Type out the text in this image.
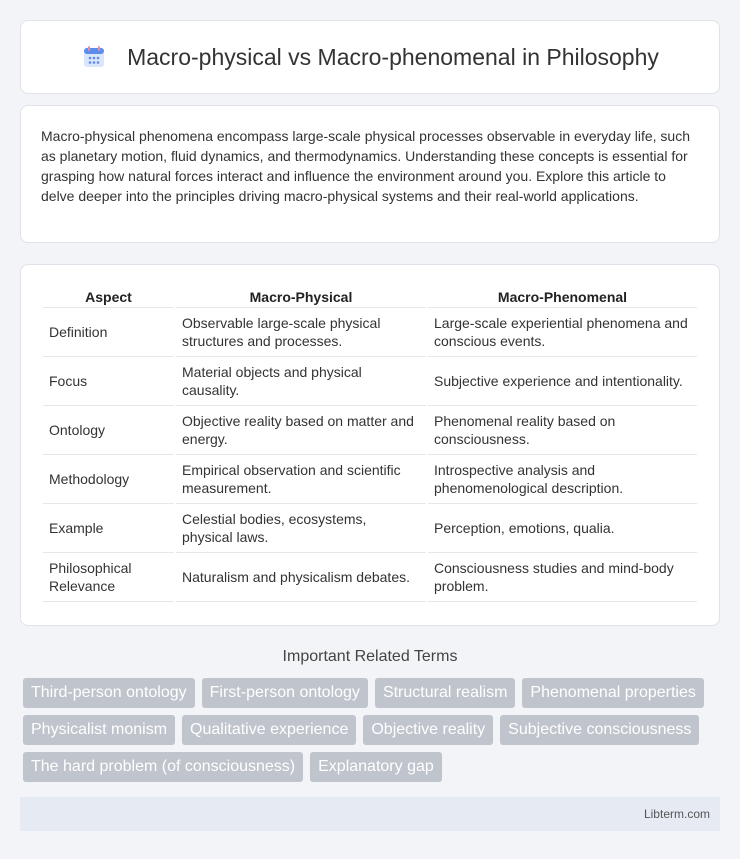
Macro-physical vs Macro-phenomenal in Philosophy

Macro-physical phenomena encompass large-scale physical processes observable in everyday life, such as planetary motion, fluid dynamics, and thermodynamics. Understanding these concepts is essential for grasping how natural forces interact and influence the environment around you. Explore this article to delve deeper into the principles driving macro-physical systems and their real-world applications.

Aspect	Macro-Physical	Macro-Phenomenal
Definition	Observable large-scale physical structures and processes.	Large-scale experiential phenomena and conscious events.
Focus	Material objects and physical causality.	Subjective experience and intentionality.
Ontology	Objective reality based on matter and energy.	Phenomenal reality based on consciousness.
Methodology	Empirical observation and scientific measurement.	Introspective analysis and phenomenological description.
Example	Celestial bodies, ecosystems, physical laws.	Perception, emotions, qualia.
Philosophical Relevance	Naturalism and physicalism debates.	Consciousness studies and mind-body problem.
Important Related Terms
Third-person ontology	First-person ontology	Structural realism	Phenomenal properties
Physicalist monism	Qualitative experience	Objective reality	Subjective consciousness
The hard problem (of consciousness)	Explanatory gap
Libterm.com
